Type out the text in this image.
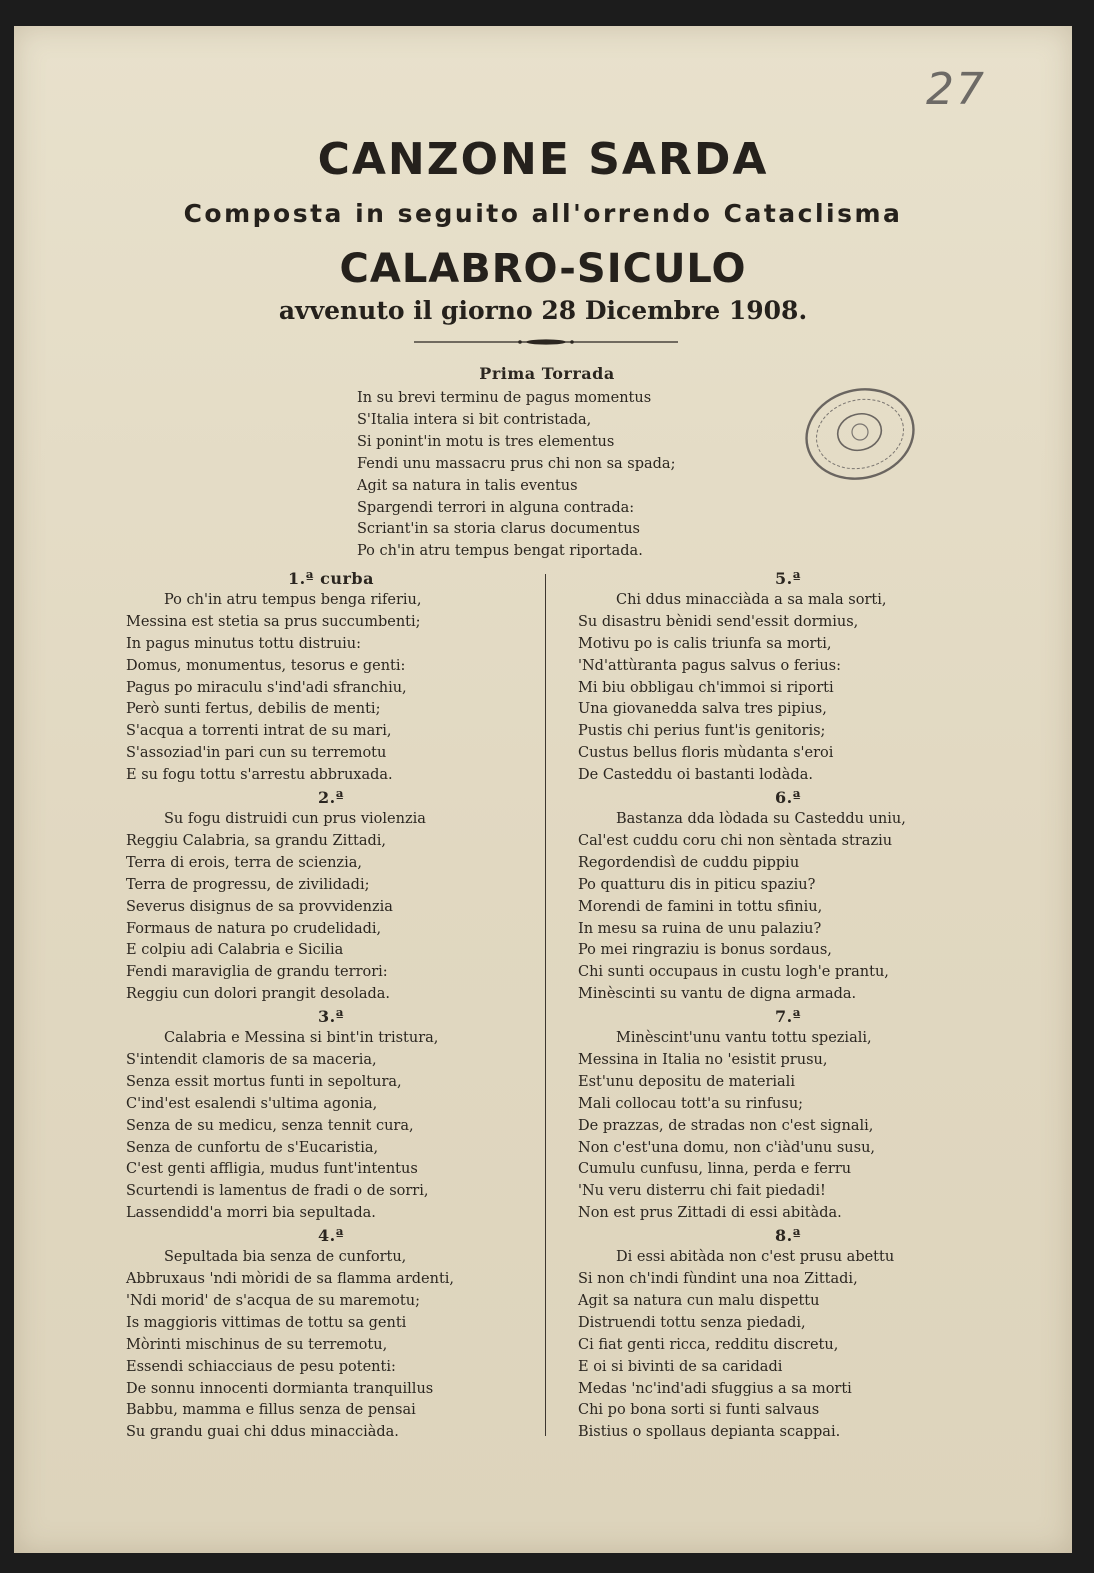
27
CANZONE SARDA
Composta in seguito all'orrendo Cataclisma
CALABRO-SICULO
avvenuto il giorno 28 Dicembre 1908.
Prima Torrada
In su brevi terminu de pagus momentus
S'Italia intera si bit contristada,
Si ponint'in motu is tres elementus
Fendi unu massacru prus chi non sa spada;
Agit sa natura in talis eventus
Spargendi terrori in alguna contrada:
Scriant'in sa storia clarus documentus
Po ch'in atru tempus bengat riportada.
1.ª curba
Po ch'in atru tempus benga riferiu,
Messina est stetia sa prus succumbenti;
In pagus minutus tottu distruiu:
Domus, monumentus, tesorus e genti:
Pagus po miraculu s'ind'adi sfranchiu,
Però sunti fertus, debilis de menti;
S'acqua a torrenti intrat de su mari,
S'assoziad'in pari cun su terremotu
E su fogu tottu s'arrestu abbruxada.
2.ª
Su fogu distruidi cun prus violenzia
Reggiu Calabria, sa grandu Zittadi,
Terra di erois, terra de scienzia,
Terra de progressu, de zivilidadi;
Severus disignus de sa provvidenzia
Formaus de natura po crudelidadi,
E colpiu adi Calabria e Sicilia
Fendi maraviglia de grandu terrori:
Reggiu cun dolori prangit desolada.
3.ª
Calabria e Messina si bint'in tristura,
S'intendit clamoris de sa maceria,
Senza essit mortus funti in sepoltura,
C'ind'est esalendi s'ultima agonia,
Senza de su medicu, senza tennit cura,
Senza de cunfortu de s'Eucaristia,
C'est genti affligia, mudus funt'intentus
Scurtendi is lamentus de fradi o de sorri,
Lassendidd'a morri bia sepultada.
4.ª
Sepultada bia senza de cunfortu,
Abbruxaus 'ndi mòridi de sa flamma ardenti,
'Ndi morid' de s'acqua de su maremotu;
Is maggioris vittimas de tottu sa genti
Mòrinti mischinus de su terremotu,
Essendi schiacciaus de pesu potenti:
De sonnu innocenti dormianta tranquillus
Babbu, mamma e fillus senza de pensai
Su grandu guai chi ddus minacciàda.
5.ª
Chi ddus minacciàda a sa mala sorti,
Su disastru bènidi send'essit dormius,
Motivu po is calis triunfa sa morti,
'Nd'attùranta pagus salvus o ferius:
Mi biu obbligau ch'immoi si riporti
Una giovanedda salva tres pipius,
Pustis chi perius funt'is genitoris;
Custus bellus floris mùdanta s'eroi
De Casteddu oi bastanti lodàda.
6.ª
Bastanza dda lòdada su Casteddu uniu,
Cal'est cuddu coru chi non sèntada straziu
Regordendisì de cuddu pippiu
Po quatturu dis in piticu spaziu?
Morendi de famini in tottu sfiniu,
In mesu sa ruina de unu palaziu?
Po mei ringraziu is bonus sordaus,
Chi sunti occupaus in custu logh'e prantu,
Minèscinti su vantu de digna armada.
7.ª
Minèscint'unu vantu tottu speziali,
Messina in Italia no 'esistit prusu,
Est'unu depositu de materiali
Mali collocau tott'a su rinfusu;
De prazzas, de stradas non c'est signali,
Non c'est'una domu, non c'iàd'unu susu,
Cumulu cunfusu, linna, perda e ferru
'Nu veru disterru chi fait piedadi!
Non est prus Zittadi di essi abitàda.
8.ª
Di essi abitàda non c'est prusu abettu
Si non ch'indi fùndint una noa Zittadi,
Agit sa natura cun malu dispettu
Distruendi tottu senza piedadi,
Ci fiat genti ricca, redditu discretu,
E oi si bivinti de sa caridadi
Medas 'nc'ind'adi sfuggius a sa morti
Chi po bona sorti si funti salvaus
Bistius o spollaus depianta scappai.
